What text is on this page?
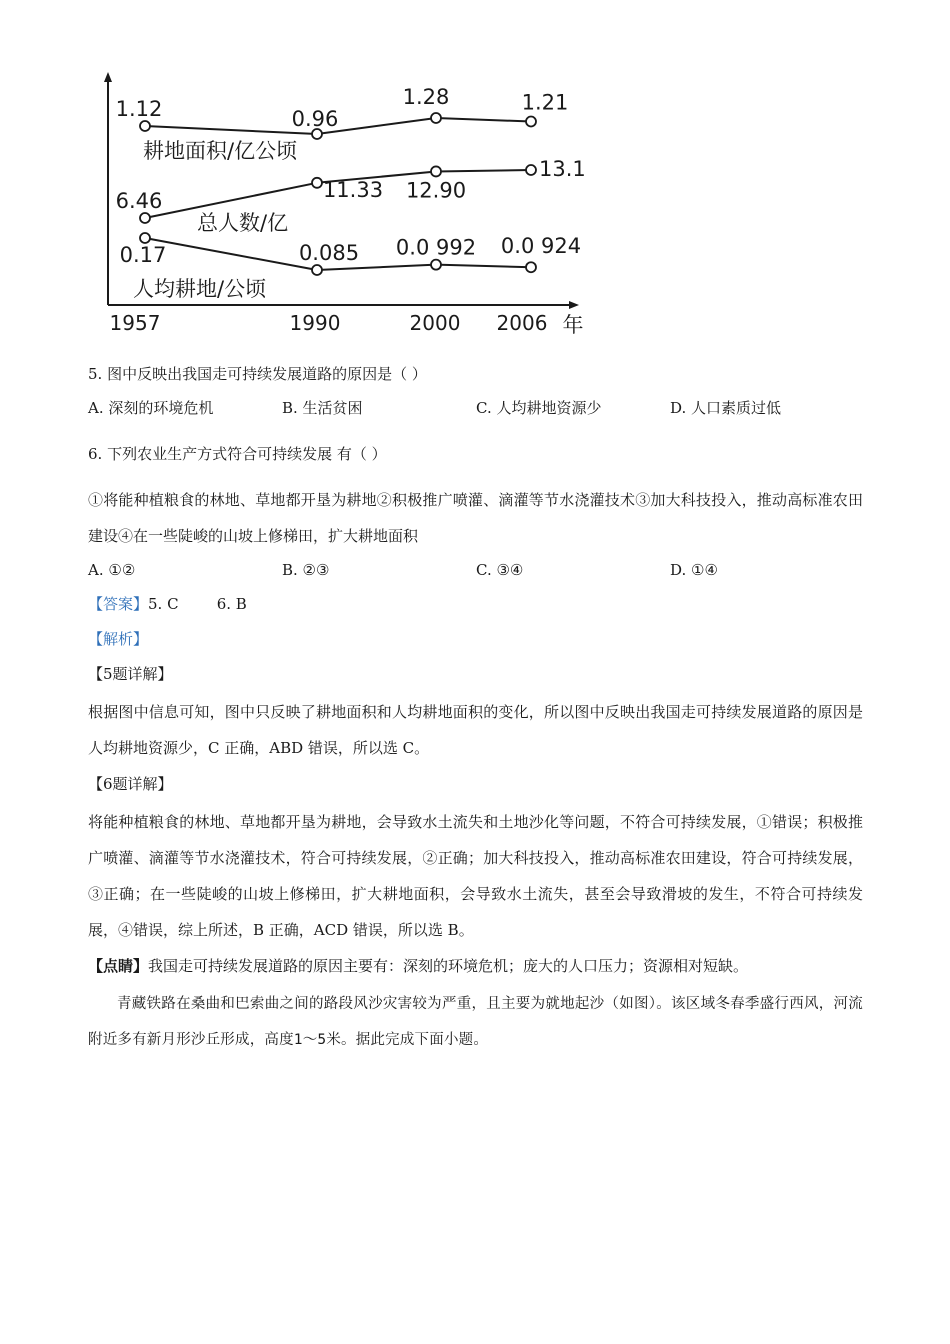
1.12	0.96
1.28	1.21
6.46	11.33 12.90
13.1
0.17	0.085 0.0 992 0.0 924
1957	1990	2000 2006 年
耕地面积/亿公顷
总人数/亿
人均耕地/公顷
5. 图中反映出我国走可持续发展道路的原因是（ ）
A. 深刻的环境危机	B. 生活贫困	C. 人均耕地资源少	D. 人口素质过低
6. 下列农业生产方式符合可持续发展 有（ ）
①将能种植粮食的林地、草地都开垦为耕地②积极推广喷灌、滴灌等节水浇灌技术③加大科技投入，推动高标准农田建设④在一些陡峻的山坡上修梯田，扩大耕地面积
A. ①②	B. ②③	C. ③④	D. ①④
【答案】5. C        6. B
【解析】
【5题详解】
根据图中信息可知，图中只反映了耕地面积和人均耕地面积的变化，所以图中反映出我国走可持续发展道路的原因是人均耕地资源少，C 正确，ABD 错误，所以选 C。
【6题详解】
将能种植粮食的林地、草地都开垦为耕地，会导致水土流失和土地沙化等问题，不符合可持续发展，①错误；积极推广喷灌、滴灌等节水浇灌技术，符合可持续发展，②正确；加大科技投入，推动高标准农田建设，符合可持续发展，③正确；在一些陡峻的山坡上修梯田，扩大耕地面积，会导致水土流失，甚至会导致滑坡的发生，不符合可持续发展，④错误，综上所述，B 正确，ACD 错误，所以选 B。
【点睛】我国走可持续发展道路的原因主要有：深刻的环境危机；庞大的人口压力；资源相对短缺。
青藏铁路在桑曲和巴索曲之间的路段风沙灾害较为严重，且主要为就地起沙（如图）。该区域冬春季盛行西风，河流附近多有新月形沙丘形成，高度1～5米。据此完成下面小题。
